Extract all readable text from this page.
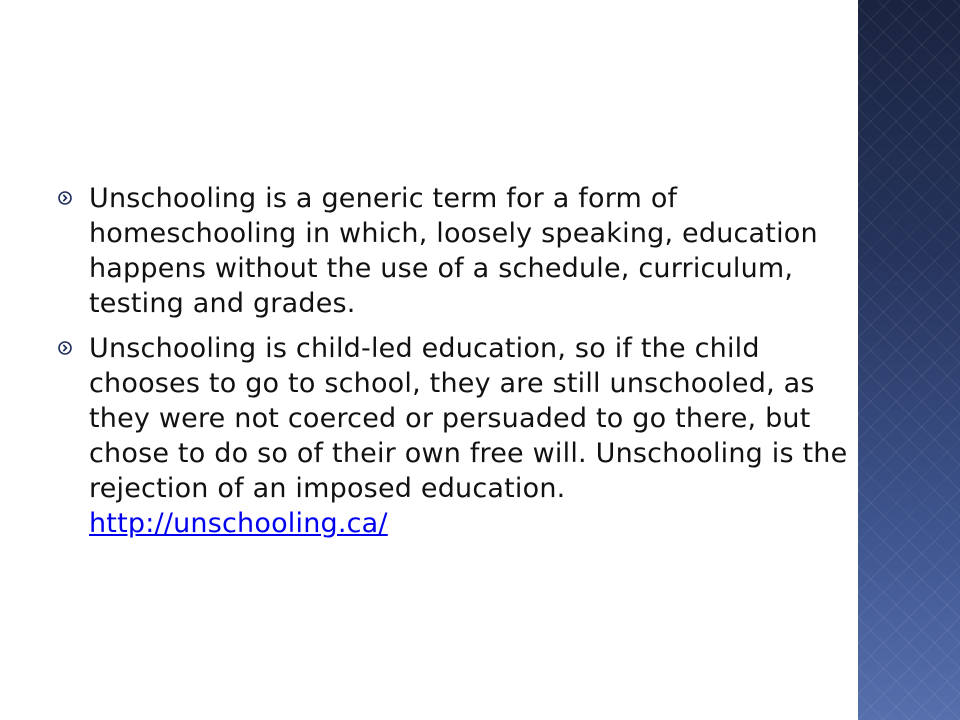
Unschooling is a generic term for a form of homeschooling in which, loosely speaking, education happens without the use of a schedule, curriculum, testing and grades.
Unschooling is child-led education, so if the child chooses to go to school, they are still unschooled, as they were not coerced or persuaded to go there, but chose to do so of their own free will. Unschooling is the rejection of an imposed education. http://unschooling.ca/
